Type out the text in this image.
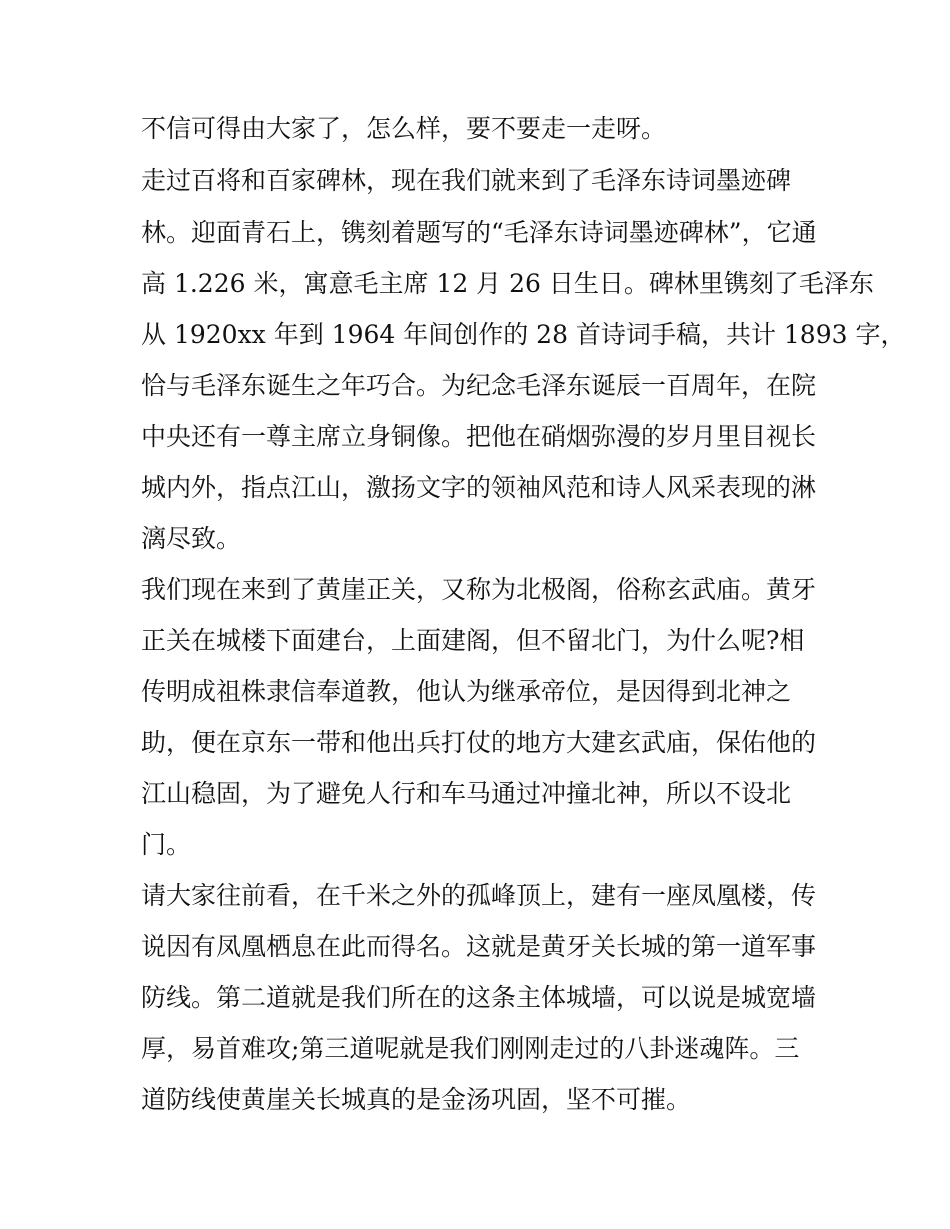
不信可得由大家了，怎么样，要不要走一走呀。
走过百将和百家碑林，现在我们就来到了毛泽东诗词墨迹碑
林。迎面青石上，镌刻着题写的“毛泽东诗词墨迹碑林”，它通
高 1.226 米，寓意毛主席 12 月 26 日生日。碑林里镌刻了毛泽东
从 1920xx 年到 1964 年间创作的 28 首诗词手稿，共计 1893 字，
恰与毛泽东诞生之年巧合。为纪念毛泽东诞辰一百周年，在院
中央还有一尊主席立身铜像。把他在硝烟弥漫的岁月里目视长
城内外，指点江山，激扬文字的领袖风范和诗人风采表现的淋
漓尽致。
我们现在来到了黄崖正关，又称为北极阁，俗称玄武庙。黄牙
正关在城楼下面建台，上面建阁，但不留北门，为什么呢?相
传明成祖株隶信奉道教，他认为继承帝位，是因得到北神之
助，便在京东一带和他出兵打仗的地方大建玄武庙，保佑他的
江山稳固，为了避免人行和车马通过冲撞北神，所以不设北
门。
请大家往前看，在千米之外的孤峰顶上，建有一座凤凰楼，传
说因有凤凰栖息在此而得名。这就是黄牙关长城的第一道军事
防线。第二道就是我们所在的这条主体城墙，可以说是城宽墙
厚，易首难攻;第三道呢就是我们刚刚走过的八卦迷魂阵。三
道防线使黄崖关长城真的是金汤巩固，坚不可摧。
